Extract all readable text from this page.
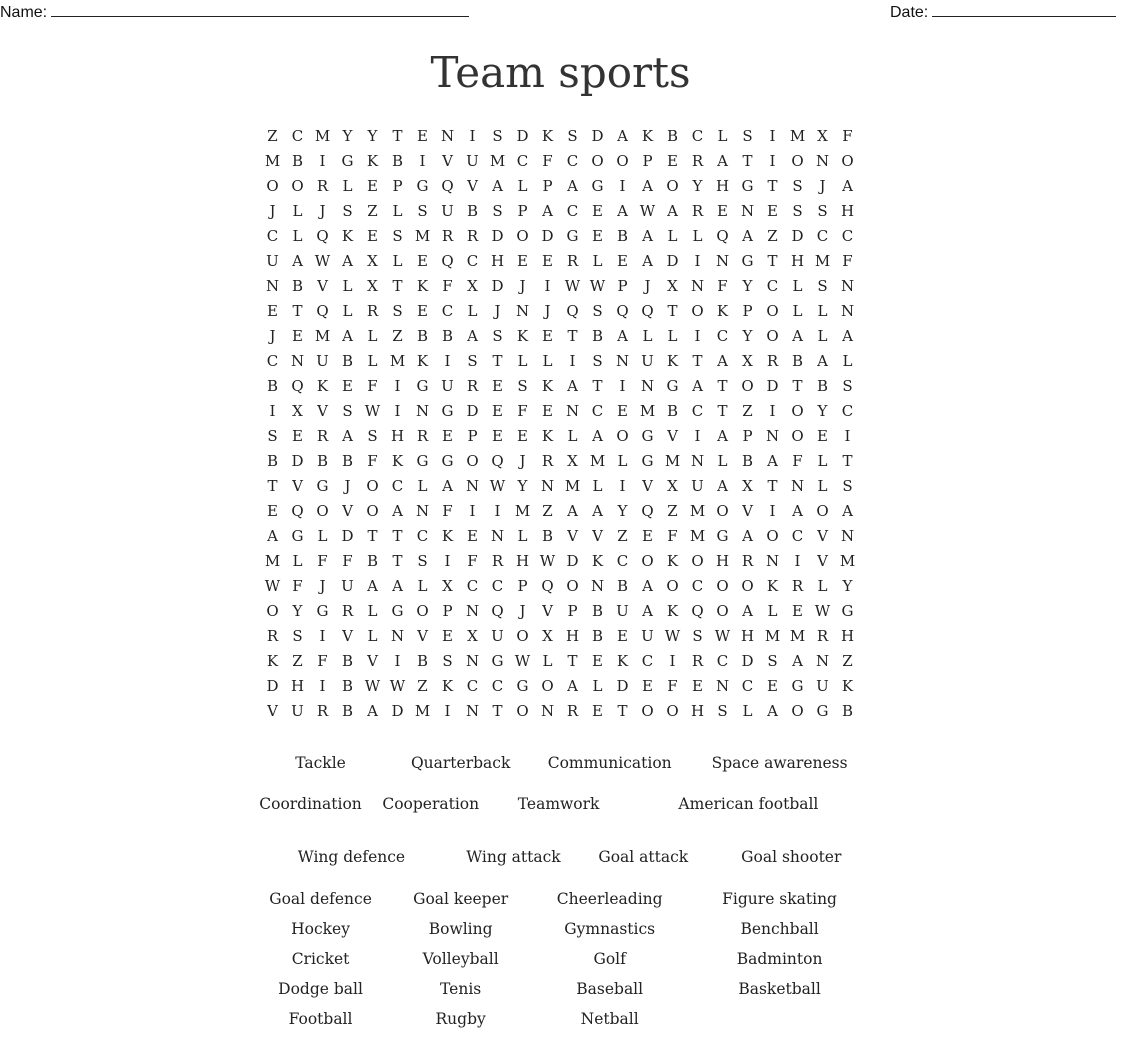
Name:	Date:
Team sports
Z C M Y	Y	T E N	I	S D K S D A K B C L S	I M X F
M B	I	G K B	I	V U M C F C O O P E R A T	I	O N O
O O R L E P G Q V A L P A G	I	A O Y H G T S	J	A
J	L	J	S Z L S U B S P A C E A W A R E N E S S H
C L Q K E S M R R D O D G E B A L	L Q A Z D C C
U A W A X L E Q C H E E R L E A D	I	N G T H M F
N B V L X T K F X D	J	I W W P	J	X N F Y C L S N
E T Q L R S E C L	J	N	J	Q S Q Q T O K P O L	L N
J	E M A L Z B B A S K E T B A L	L	I	C Y O A L A
C N U B L M K	I	S T	L	L	I	S N U K T A X R B A L
B Q K E F	I	G U R E S K A T	I	N G A T O D T B S
I	X V S W I	N G D E F E N C E M B C T Z	I	O Y C
S E R A S H R E P E E K L A O G V	I	A P N O E	I
B D B B F K G G O Q	J	R X M L G M N L B A F L	T
T V G	J	O C L A N W Y N M L	I	V X U A X T N L S
E Q O V O A N F	I	I M Z A A Y Q Z M O V	I	A O A
A G L D T T C K E N L B V V Z E F M G A O C V N
M L F F B T S	I	F R H W D K C O K O H R N	I	V M
W F	J	U A A L X C C P Q O N B A O C O O K R L	Y
O Y G R L G O P N Q	J	V P B U A K Q O A L E W G
R S	I	V L N V E X U O X H B E U W S W H M M R H
K Z F B V	I	B S N G W L	T E K C	I	R C D S A N Z
D H	I	B W W Z K C C G O A L D E F E N C E G U K
V U R B A D M I	N T O N R E T O O H S L A O G B
Tackle	Quarterback	Communication	Space awareness
Coordination	Cooperation	Teamwork	American football
Wing defence	Wing attack	Goal attack	Goal shooter
Goal defence	Goal keeper	Cheerleading	Figure skating
Hockey	Bowling	Gymnastics	Benchball
Cricket	Volleyball	Golf	Badminton
Dodge ball	Tenis	Baseball	Basketball
Football	Rugby	Netball
